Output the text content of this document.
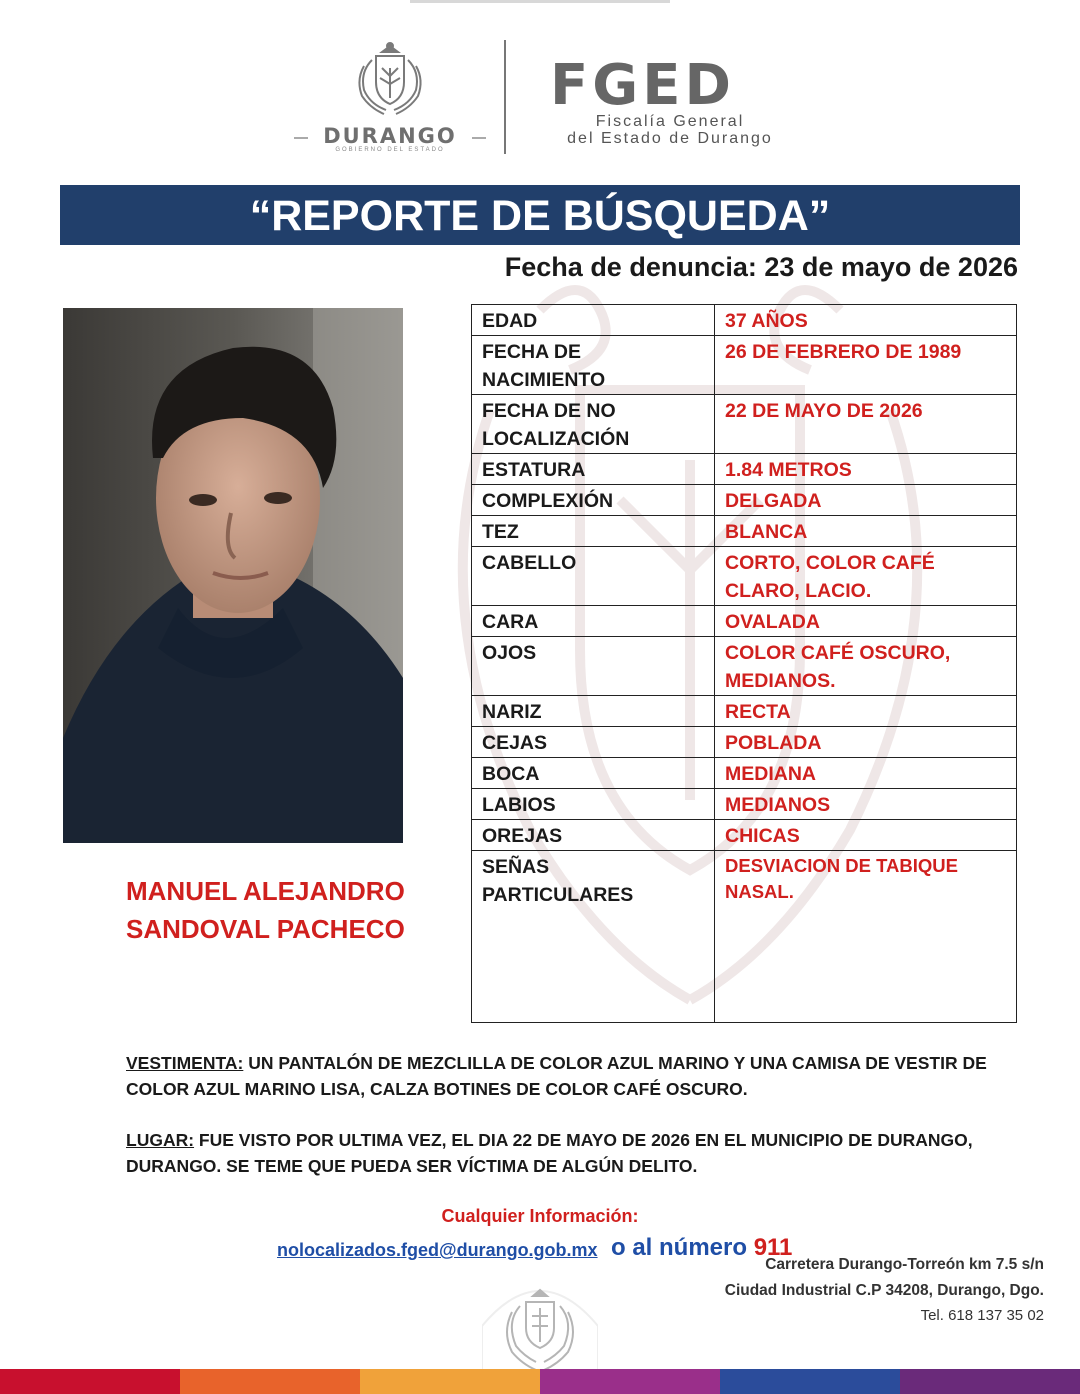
DURANGO
GOBIERNO DEL ESTADO
FGED
Fiscalía General
del Estado de Durango
“REPORTE DE BÚSQUEDA”
Fecha de denuncia: 23 de mayo de 2026
MANUEL ALEJANDRO
SANDOVAL PACHECO
EDAD	37 AÑOS
FECHA DE NACIMIENTO	26 DE FEBRERO DE 1989
FECHA DE NO LOCALIZACIÓN	22 DE MAYO DE 2026
ESTATURA	1.84 METROS
COMPLEXIÓN	DELGADA
TEZ	BLANCA
CABELLO	CORTO, COLOR CAFÉ CLARO, LACIO.
CARA	OVALADA
OJOS	COLOR CAFÉ OSCURO, MEDIANOS.
NARIZ	RECTA
CEJAS	POBLADA
BOCA	MEDIANA
LABIOS	MEDIANOS
OREJAS	CHICAS
SEÑAS PARTICULARES	DESVIACION DE TABIQUE NASAL.
VESTIMENTA: UN PANTALÓN DE MEZCLILLA DE COLOR AZUL MARINO Y UNA CAMISA DE VESTIR DE COLOR AZUL MARINO LISA, CALZA BOTINES DE COLOR CAFÉ OSCURO.
LUGAR: FUE VISTO POR ULTIMA VEZ, EL DIA 22 DE MAYO DE 2026 EN EL MUNICIPIO DE DURANGO, DURANGO. SE TEME QUE PUEDA SER VÍCTIMA DE ALGÚN DELITO.
Cualquier Información:
nolocalizados.fged@durango.gob.mx o al número 911
Carretera Durango-Torreón km 7.5 s/n
Ciudad Industrial C.P 34208, Durango, Dgo.
Tel. 618 137 35 02
